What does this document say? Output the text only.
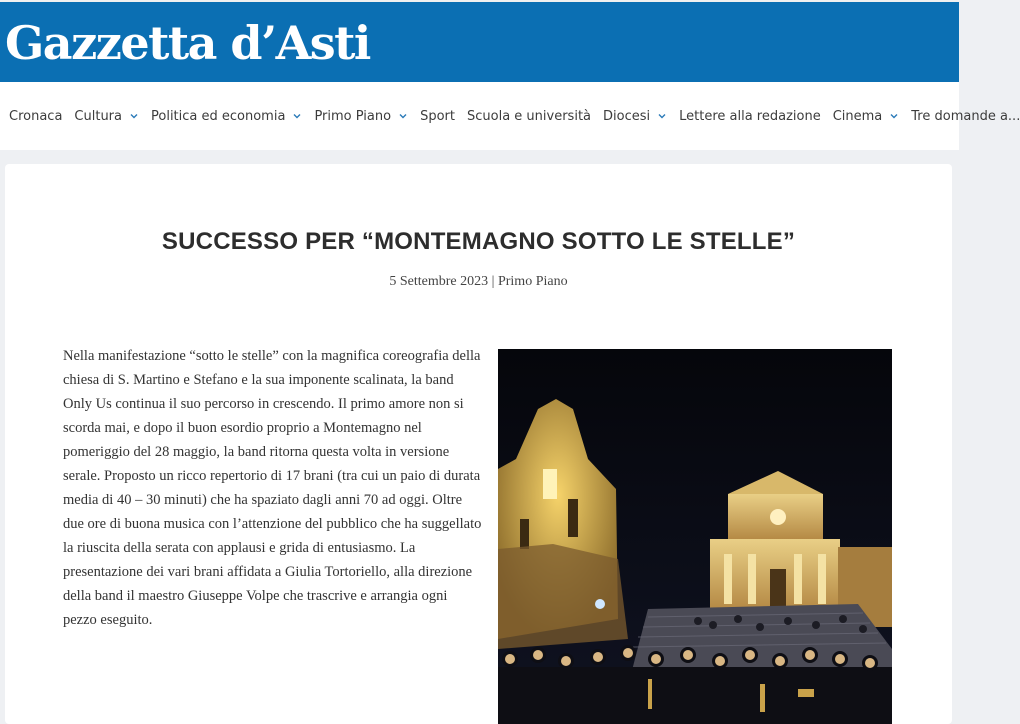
Gazzetta d’Asti
Cronaca Cultura Politica ed economia Primo Piano Sport Scuola e università Diocesi Lettere alla redazione Cinema Tre domande a...
SUCCESSO PER “MONTEMAGNO SOTTO LE STELLE”
5 Settembre 2023 | Primo Piano

Nella manifestazione “sotto le stelle” con la magnifica coreografia della chiesa di S. Martino e Stefano e la sua imponente scalinata, la band Only Us continua il suo percorso in crescendo. Il primo amore non si scorda mai, e dopo il buon esordio proprio a Montemagno nel pomeriggio del 28 maggio, la band ritorna questa volta in versione serale. Proposto un ricco repertorio di 17 brani (tra cui un paio di durata media di 40 – 30 minuti) che ha spaziato dagli anni 70 ad oggi. Oltre due ore di buona musica con l’attenzione del pubblico che ha suggellato la riuscita della serata con applausi e grida di entusiasmo. La presentazione dei vari brani affidata a Giulia Tortoriello, alla direzione della band il maestro Giuseppe Volpe che trascrive e arrangia ogni pezzo eseguito.
